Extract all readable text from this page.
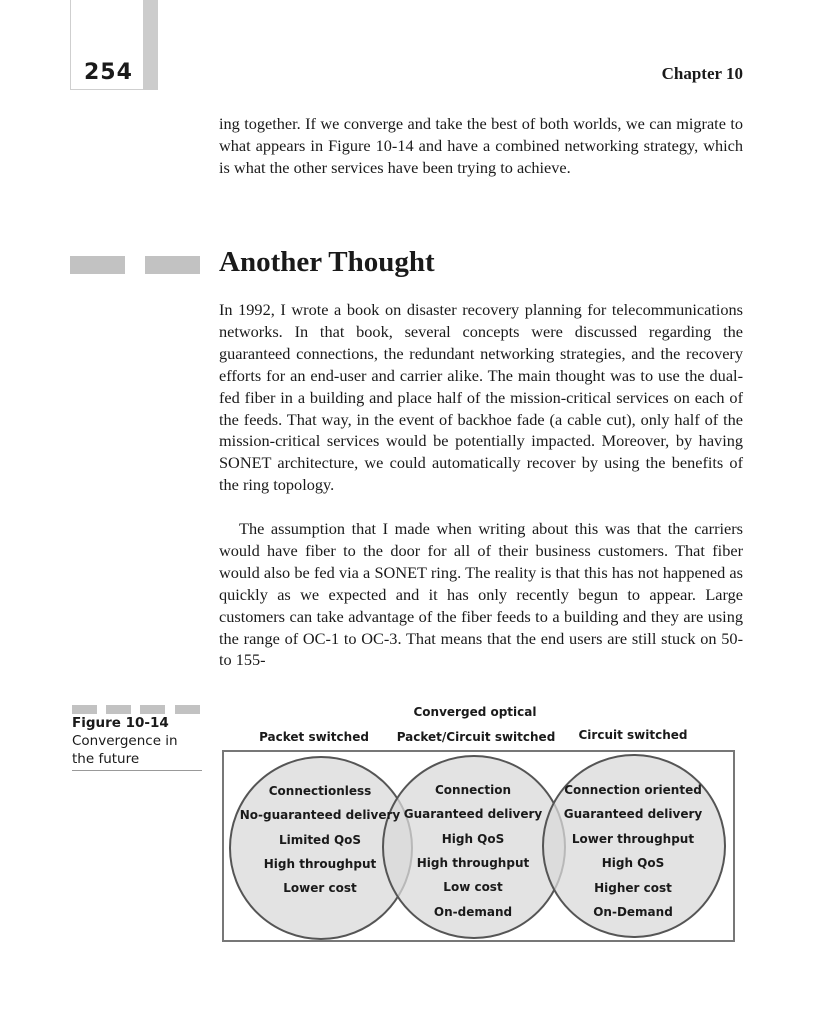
254	Chapter 10

ing together. If we converge and take the best of both worlds, we can migrate to what appears in Figure 10-14 and have a combined networking strategy, which is what the other services have been trying to achieve.

Another Thought

In 1992, I wrote a book on disaster recovery planning for telecommunications networks. In that book, several concepts were discussed regarding the guaranteed connections, the redundant networking strategies, and the recovery efforts for an end-user and carrier alike. The main thought was to use the dual-fed fiber in a building and place half of the mission-critical services on each of the feeds. That way, in the event of backhoe fade (a cable cut), only half of the mission-critical services would be potentially impacted. Moreover, by having SONET architecture, we could automatically recover by using the benefits of the ring topology.

The assumption that I made when writing about this was that the carriers would have fiber to the door for all of their business customers. That fiber would also be fed via a SONET ring. The reality is that this has not happened as quickly as we expected and it has only recently begun to appear. Large customers can take advantage of the fiber feeds to a building and they are using the range of OC-1 to OC-3. That means that the end users are still stuck on 50- to 155-

Figure 10-14
Convergence in the future
Converged optical
Packet switched Packet/Circuit switched Circuit switched
Connectionless
No-guaranteed delivery
Limited QoS
High throughput
Lower cost
Connection
Guaranteed delivery
High QoS
High throughput
Low cost
On-demand
Connection oriented
Guaranteed delivery
Lower throughput
High QoS
Higher cost
On-Demand
